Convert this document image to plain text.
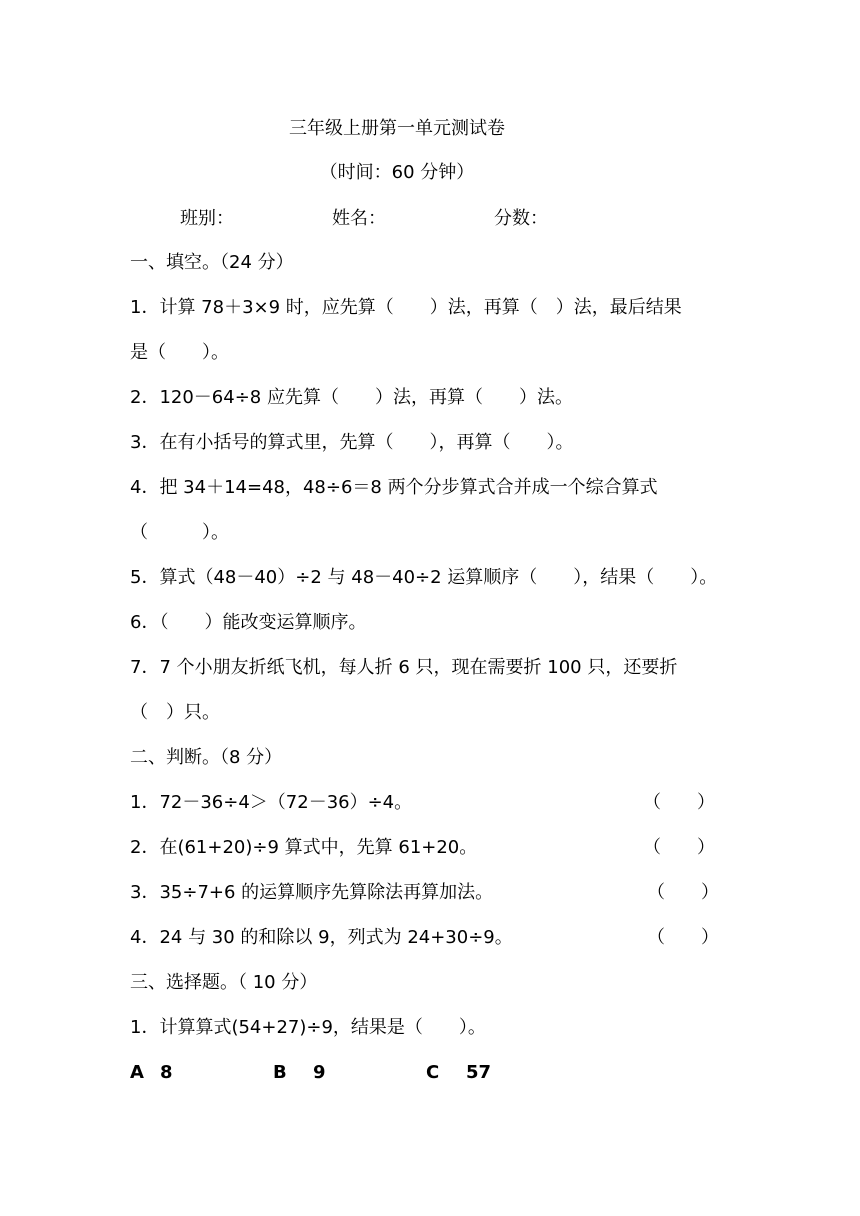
三年级上册第一单元测试卷
（时间：60 分钟）
班别：	姓名：	分数：
一、填空。（24 分）
1．计算 78＋3×9 时，应先算（　　）法，再算（　）法，最后结果
是（　　）。
2．120－64÷8 应先算（　　）法，再算（　　）法。
3．在有小括号的算式里，先算（　　），再算（　　）。
4．把 34＋14=48，48÷6＝8 两个分步算式合并成一个综合算式
（　　　）。
5．算式（48－40）÷2 与 48－40÷2 运算顺序（　　），结果（　　）。
6．（　　）能改变运算顺序。
7．7 个小朋友折纸飞机，每人折 6 只，现在需要折 100 只，还要折
（　）只。
二、判断。（8 分）
1．72－36÷4＞（72－36）÷4。	（　　）
2．在(61+20)÷9 算式中，先算 61+20。	（　　）
3．35÷7+6 的运算顺序先算除法再算加法。	（　　）
4．24 与 30 的和除以 9，列式为 24+30÷9。	（　　）
三、选择题。（ 10 分）
1．计算算式(54+27)÷9，结果是（　　）。
A 8	B 9	C 57
